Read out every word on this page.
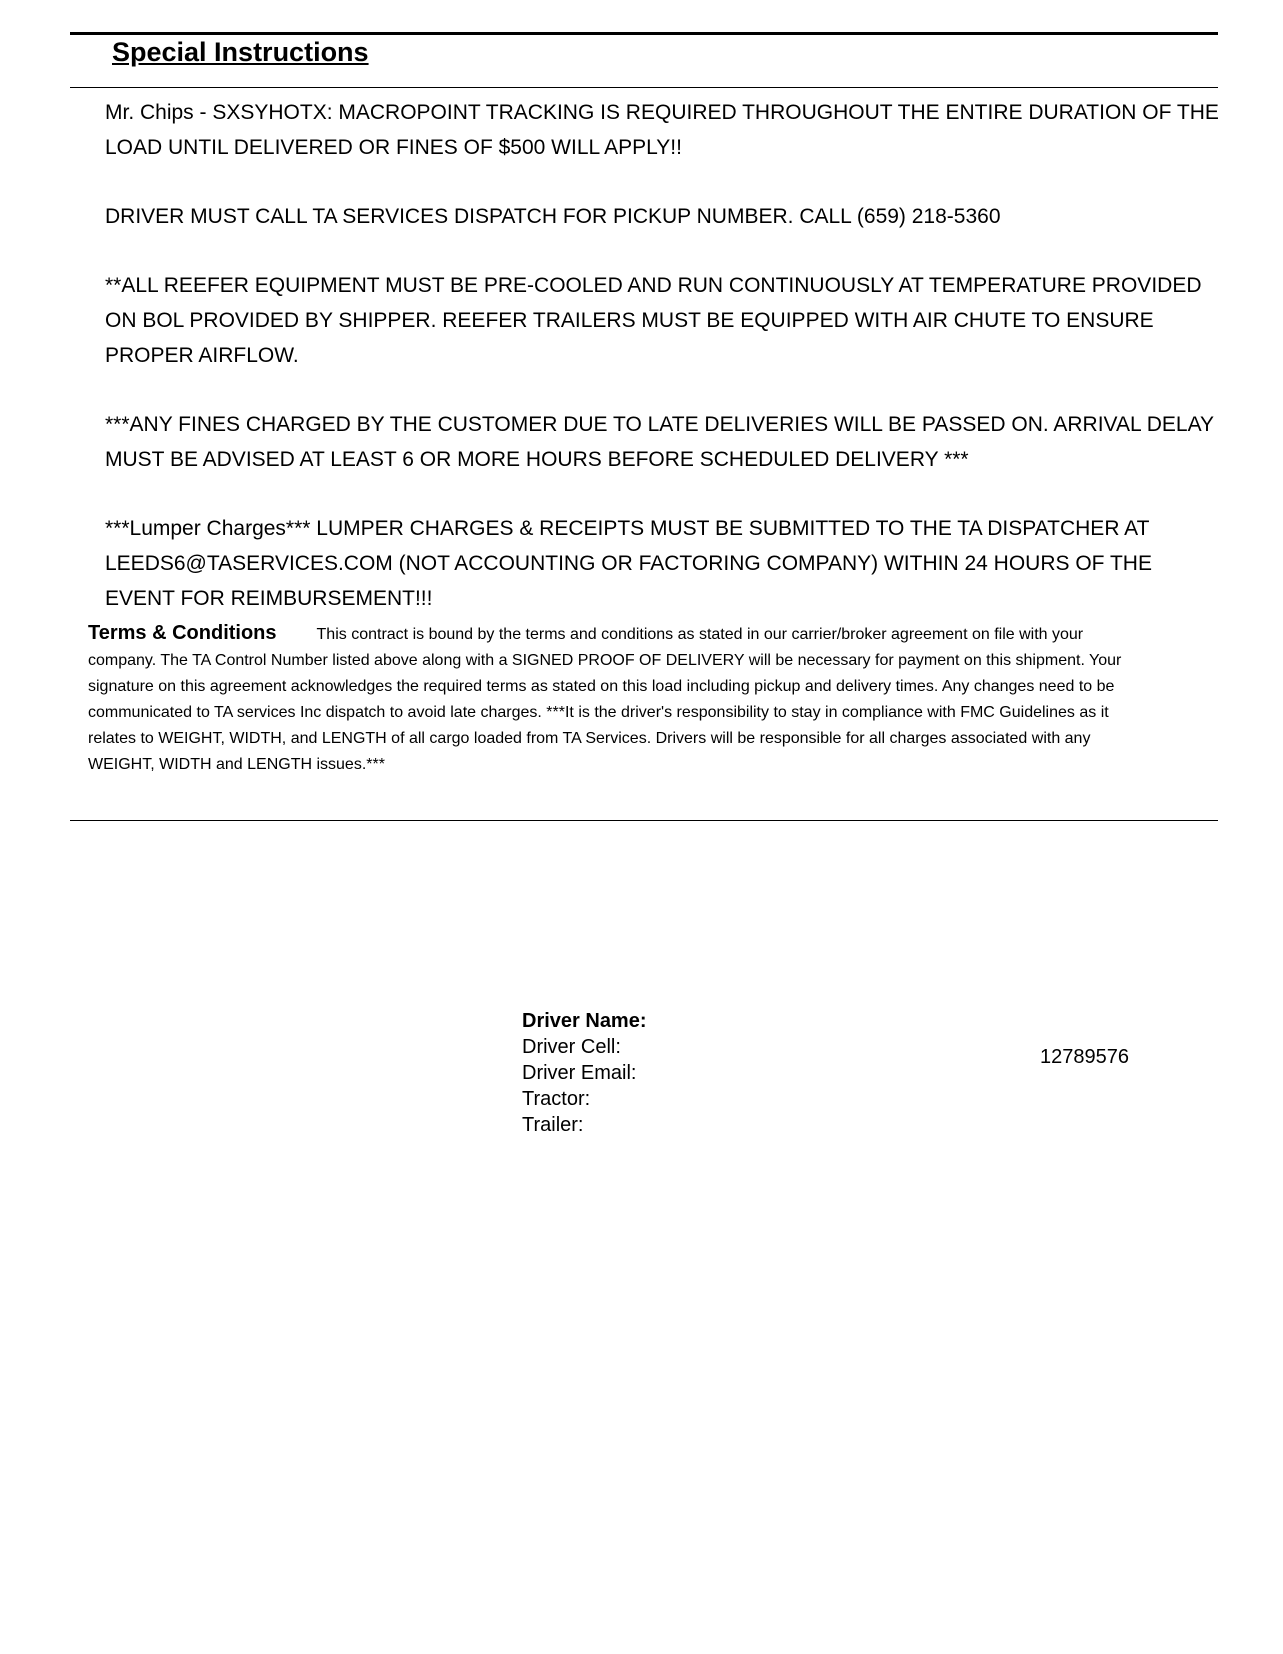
Special Instructions

Mr. Chips - SXSYHOTX: MACROPOINT TRACKING IS REQUIRED THROUGHOUT THE ENTIRE DURATION OF THE LOAD UNTIL DELIVERED OR FINES OF $500 WILL APPLY!!

DRIVER MUST CALL TA SERVICES DISPATCH FOR PICKUP NUMBER. CALL (659) 218-5360

**ALL REEFER EQUIPMENT MUST BE PRE-COOLED AND RUN CONTINUOUSLY AT TEMPERATURE PROVIDED ON BOL PROVIDED BY SHIPPER. REEFER TRAILERS MUST BE EQUIPPED WITH AIR CHUTE TO ENSURE PROPER AIRFLOW.

***ANY FINES CHARGED BY THE CUSTOMER DUE TO LATE DELIVERIES WILL BE PASSED ON. ARRIVAL DELAY MUST BE ADVISED AT LEAST 6 OR MORE HOURS BEFORE SCHEDULED DELIVERY ***

***Lumper Charges*** LUMPER CHARGES & RECEIPTS MUST BE SUBMITTED TO THE TA DISPATCHER AT LEEDS6@TASERVICES.COM (NOT ACCOUNTING OR FACTORING COMPANY) WITHIN 24 HOURS OF THE EVENT FOR REIMBURSEMENT!!!

Terms & Conditions	This contract is bound by the terms and conditions as stated in our carrier/broker agreement on file with your company. The TA Control Number listed above along with a SIGNED PROOF OF DELIVERY will be necessary for payment on this shipment. Your signature on this agreement acknowledges the required terms as stated on this load including pickup and delivery times. Any changes need to be communicated to TA services Inc dispatch to avoid late charges. ***It is the driver's responsibility to stay in compliance with FMC Guidelines as it relates to WEIGHT, WIDTH, and LENGTH of all cargo loaded from TA Services. Drivers will be responsible for all charges associated with any WEIGHT, WIDTH and LENGTH issues.***
Driver Name:
Driver Cell:
Driver Email:
Tractor:
Trailer:
12789576
